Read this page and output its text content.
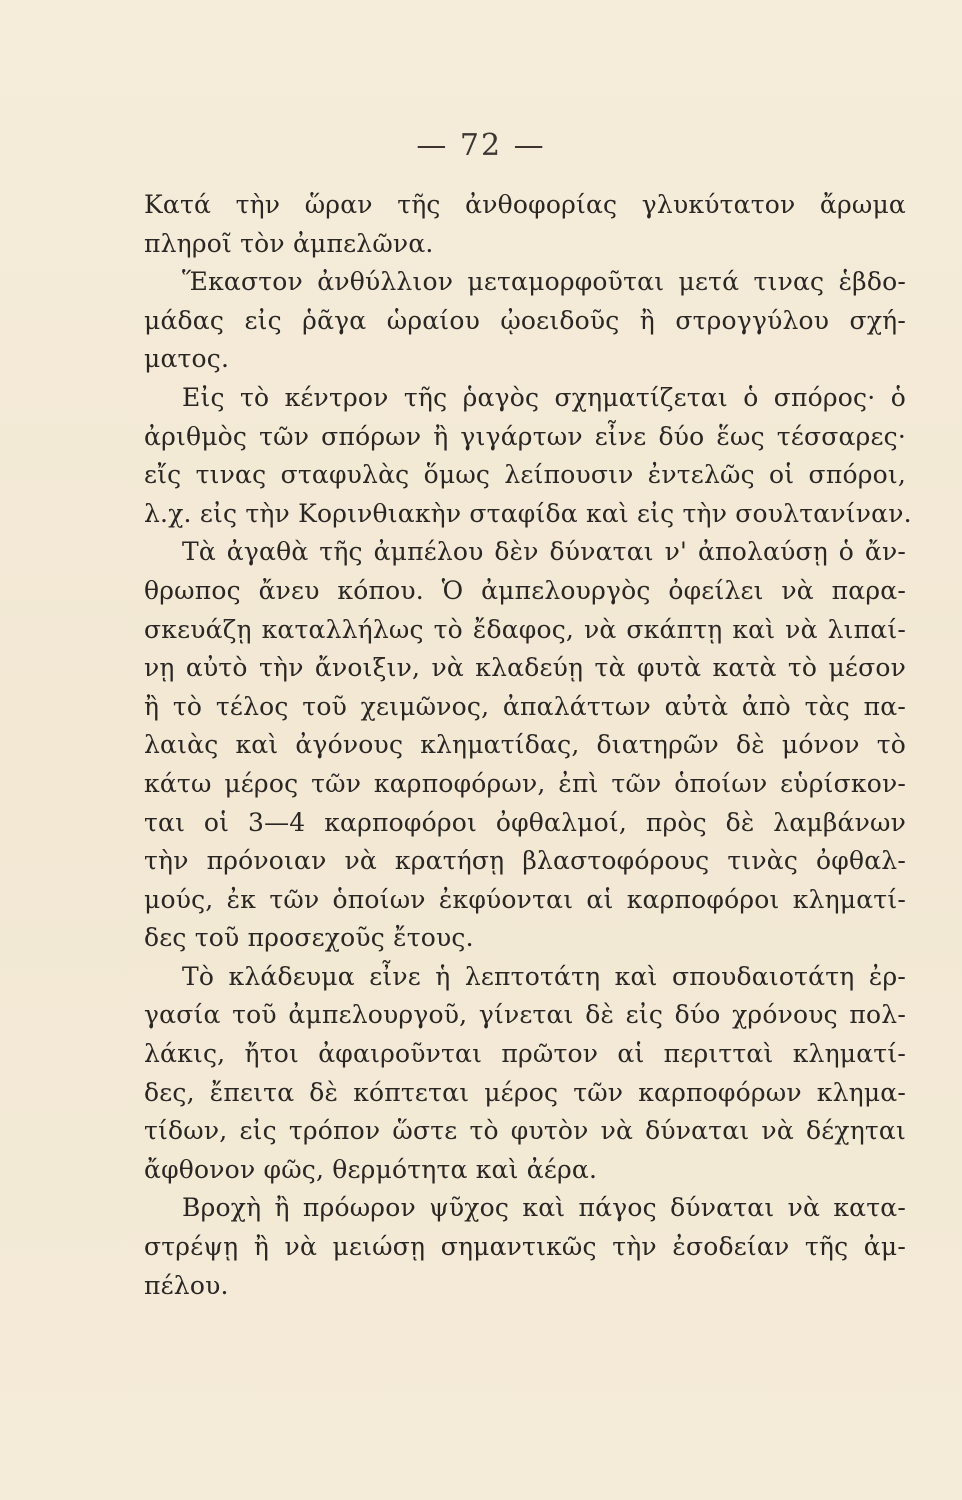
— 72 —
Κατά τὴν ὥραν τῆς ἀνθοφορίας γλυκύτατον ἄρωμα
πληροῖ τὸν ἀμπελῶνα.
Ἕκαστον ἀνθύλλιον μεταμορφοῦται μετά τινας ἑβδο-
μάδας εἰς ῥᾶγα ὡραίου ᾠοειδοῦς ἢ στρογγύλου σχή-
ματος.
Εἰς τὸ κέντρον τῆς ῥαγὸς σχηματίζεται ὁ σπόρος· ὁ
ἀριθμὸς τῶν σπόρων ἢ γιγάρτων εἶνε δύο ἕως τέσσαρες·
εἴς τινας σταφυλὰς ὅμως λείπουσιν ἐντελῶς οἱ σπόροι,
λ.χ. εἰς τὴν Κορινθιακὴν σταφίδα καὶ εἰς τὴν σουλτανίναν.
Τὰ ἀγαθὰ τῆς ἀμπέλου δὲν δύναται ν' ἀπολαύσῃ ὁ ἄν-
θρωπος ἄνευ κόπου. Ὁ ἀμπελουργὸς ὀφείλει νὰ παρα-
σκευάζῃ καταλλήλως τὸ ἔδαφος, νὰ σκάπτῃ καὶ νὰ λιπαί-
νῃ αὐτὸ τὴν ἄνοιξιν, νὰ κλαδεύῃ τὰ φυτὰ κατὰ τὸ μέσον
ἢ τὸ τέλος τοῦ χειμῶνος, ἀπαλάττων αὐτὰ ἀπὸ τὰς πα-
λαιὰς καὶ ἀγόνους κληματίδας, διατηρῶν δὲ μόνον τὸ
κάτω μέρος τῶν καρποφόρων, ἐπὶ τῶν ὁποίων εὑρίσκον-
ται οἱ 3—4 καρποφόροι ὀφθαλμοί, πρὸς δὲ λαμβάνων
τὴν πρόνοιαν νὰ κρατήσῃ βλαστοφόρους τινὰς ὀφθαλ-
μούς, ἐκ τῶν ὁποίων ἐκφύονται αἱ καρποφόροι κληματί-
δες τοῦ προσεχοῦς ἔτους.
Τὸ κλάδευμα εἶνε ἡ λεπτοτάτη καὶ σπουδαιοτάτη ἐρ-
γασία τοῦ ἀμπελουργοῦ, γίνεται δὲ εἰς δύο χρόνους πολ-
λάκις, ἤτοι ἀφαιροῦνται πρῶτον αἱ περιτταὶ κληματί-
δες, ἔπειτα δὲ κόπτεται μέρος τῶν καρποφόρων κλημα-
τίδων, εἰς τρόπον ὥστε τὸ φυτὸν νὰ δύναται νὰ δέχηται
ἄφθονον φῶς, θερμότητα καὶ ἀέρα.
Βροχὴ ἢ πρόωρον ψῦχος καὶ πάγος δύναται νὰ κατα-
στρέψῃ ἢ νὰ μειώσῃ σημαντικῶς τὴν ἐσοδείαν τῆς ἀμ-
πέλου.
